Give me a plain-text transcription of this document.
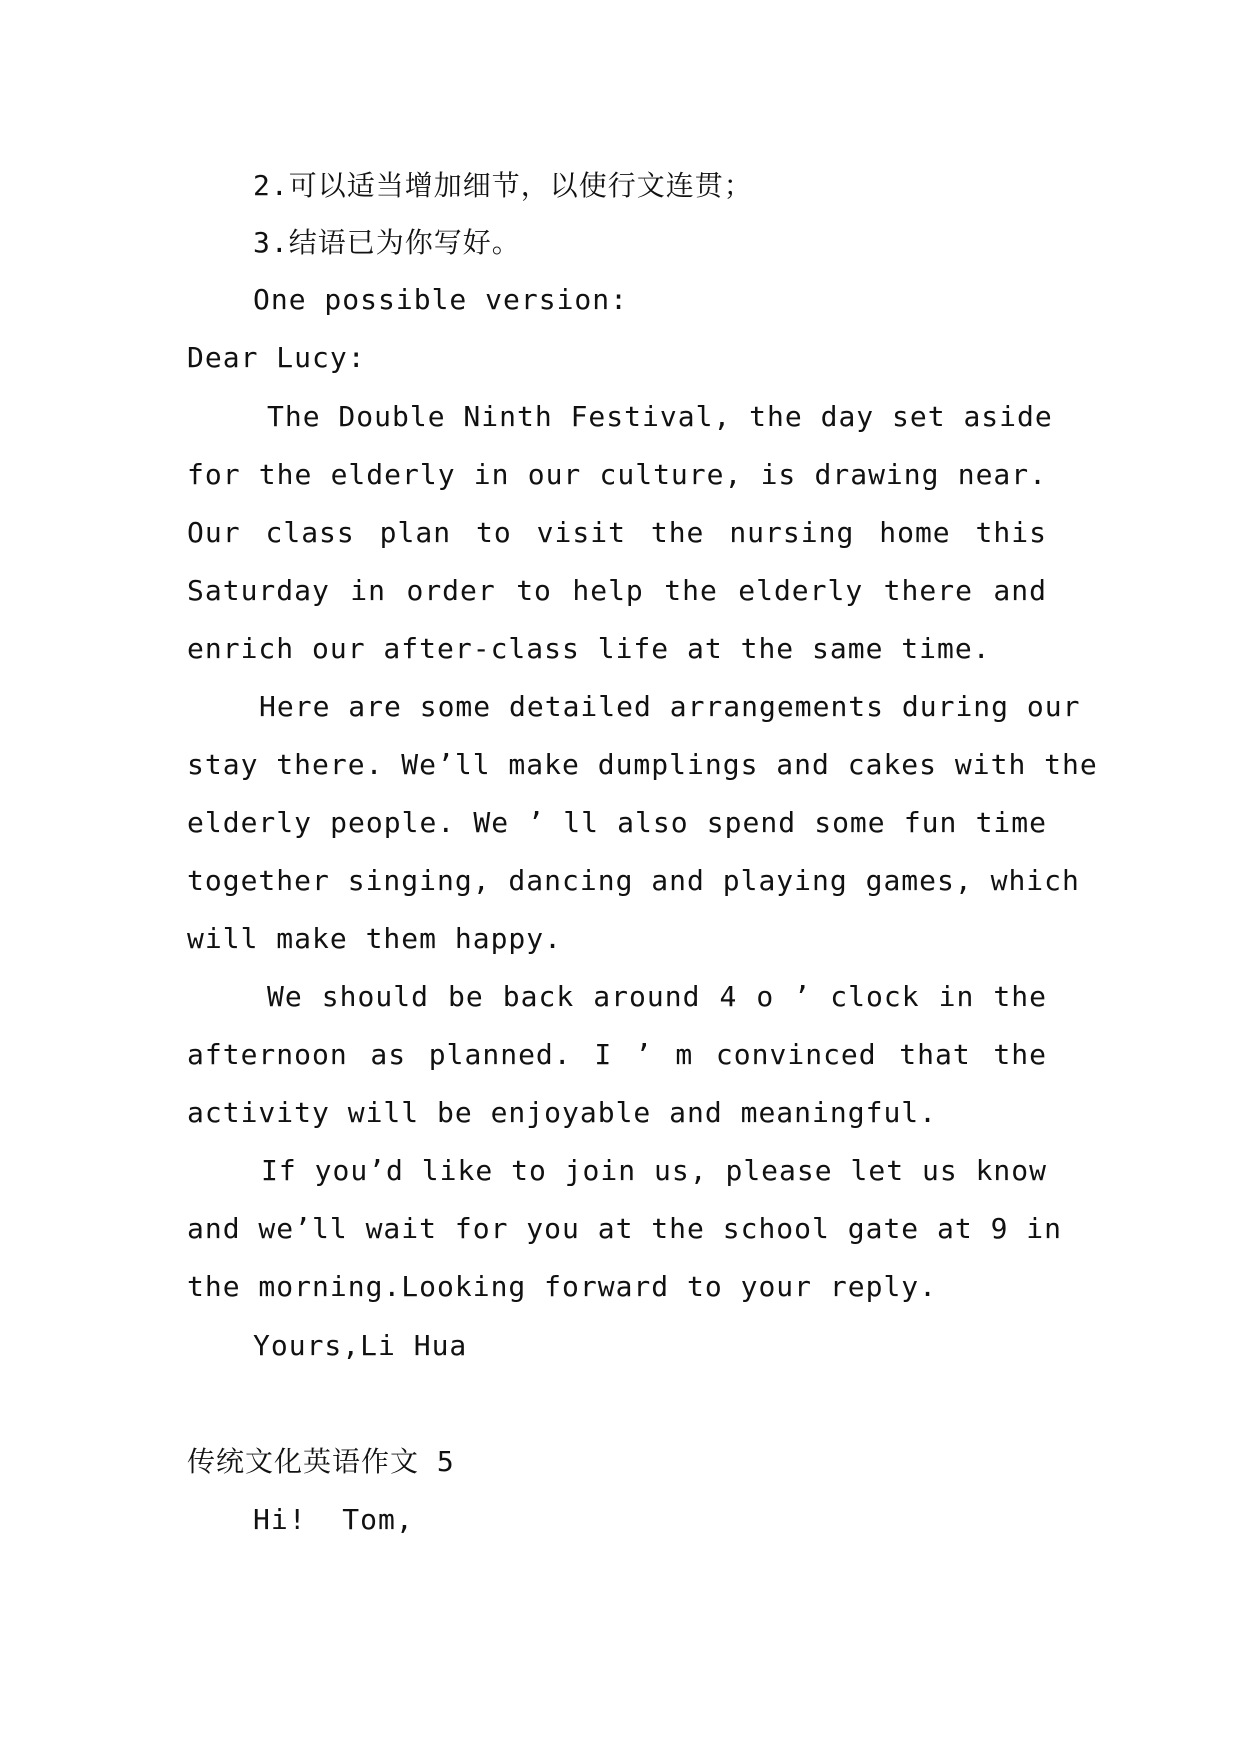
2.可以适当增加细节，以使行文连贯；
3.结语已为你写好。
One possible version:
Dear Lucy:
The Double Ninth Festival, the day set aside
for the elderly in our culture, is drawing near.
Our class plan to visit the nursing home this
Saturday in order to help the elderly there and
enrich our after-class life at the same time.
Here are some detailed arrangements during our
stay there. We’ll make dumplings and cakes with the
elderly people. We ’ ll also spend some fun time
together singing, dancing and playing games, which
will make them happy.
We should be back around 4 o ’ clock in the
afternoon as planned. I ’ m convinced that the
activity will be enjoyable and meaningful.
If you’d like to join us, please let us know
and we’ll wait for you at the school gate at 9 in
the morning.Looking forward to your reply.
Yours,Li Hua
传统文化英语作文 5
Hi!  Tom,
